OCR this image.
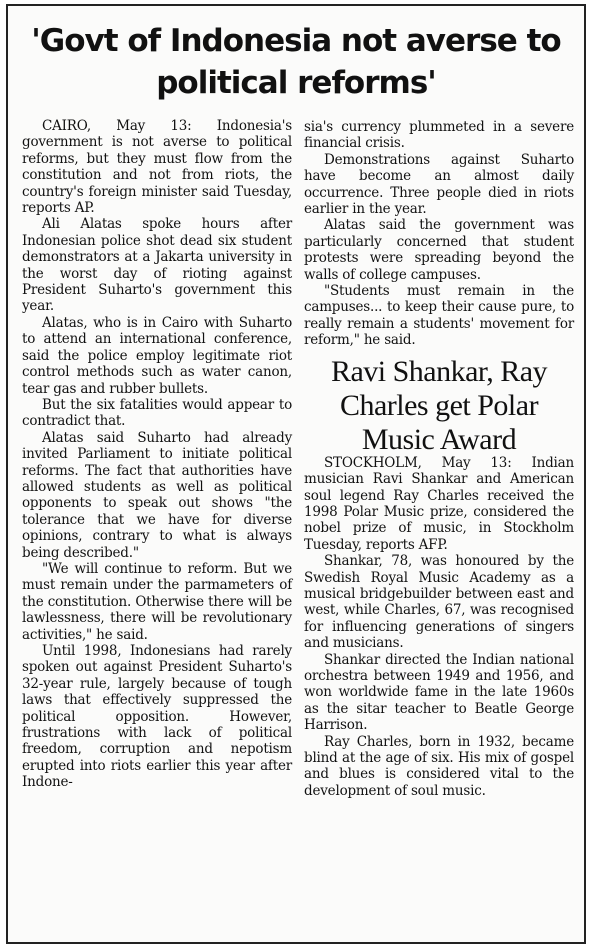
'Govt of Indonesia not averse to political reforms'

CAIRO, May 13: Indonesia's government is not averse to political reforms, but they must flow from the constitution and not from riots, the country's foreign minister said Tuesday, reports AP.

Ali Alatas spoke hours after Indonesian police shot dead six student demonstrators at a Jakarta university in the worst day of rioting against President Suharto's government this year.

Alatas, who is in Cairo with Suharto to attend an international conference, said the police employ legitimate riot control methods such as water canon, tear gas and rubber bullets.

But the six fatalities would appear to contradict that.

Alatas said Suharto had already invited Parliament to initiate political reforms. The fact that authorities have allowed students as well as political opponents to speak out shows "the tolerance that we have for diverse opinions, contrary to what is always being described."

"We will continue to reform. But we must remain under the parmameters of the constitution. Otherwise there will be lawlessness, there will be revolutionary activities," he said.

Until 1998, Indonesians had rarely spoken out against President Suharto's 32-year rule, largely because of tough laws that effectively suppressed the political opposition. However, frustrations with lack of political freedom, corruption and nepotism erupted into riots earlier this year after Indone-

sia's currency plummeted in a severe financial crisis.

Demonstrations against Suharto have become an almost daily occurrence. Three people died in riots earlier in the year.

Alatas said the government was particularly concerned that student protests were spreading beyond the walls of college campuses.

"Students must remain in the campuses... to keep their cause pure, to really remain a students' movement for reform," he said.

Ravi Shankar, Ray Charles get Polar Music Award

STOCKHOLM, May 13: Indian musician Ravi Shankar and American soul legend Ray Charles received the 1998 Polar Music prize, considered the nobel prize of music, in Stockholm Tuesday, reports AFP.

Shankar, 78, was honoured by the Swedish Royal Music Academy as a musical bridgebuilder between east and west, while Charles, 67, was recognised for influencing generations of singers and musicians.

Shankar directed the Indian national orchestra between 1949 and 1956, and won worldwide fame in the late 1960s as the sitar teacher to Beatle George Harrison.

Ray Charles, born in 1932, became blind at the age of six. His mix of gospel and blues is considered vital to the development of soul music.
